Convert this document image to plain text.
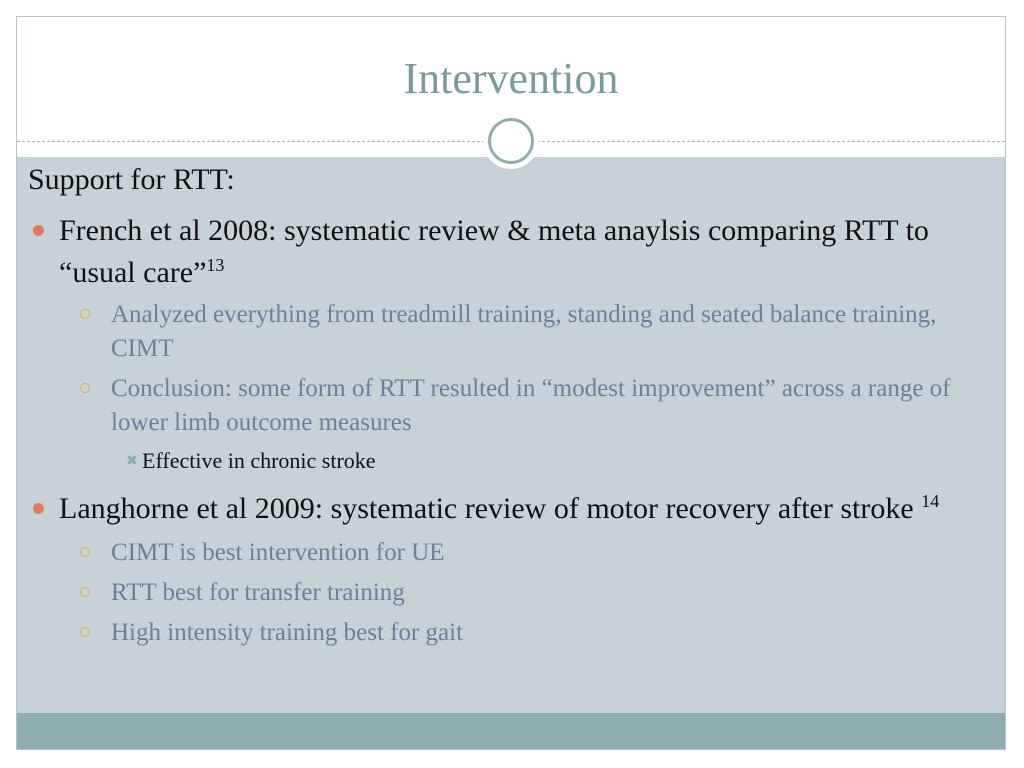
Intervention

Support for RTT:

French et al 2008: systematic review & meta anaylsis comparing RTT to “usual care”$^{13}$
Analyzed everything from treadmill training, standing and seated balance training, CIMT
Conclusion: some form of RTT resulted in “modest improvement” across a range of lower limb outcome measures
✖ Effective in chronic stroke
Langhorne et al 2009: systematic review of motor recovery after stroke $^{14}$
CIMT is best intervention for UE
RTT best for transfer training
High intensity training best for gait
